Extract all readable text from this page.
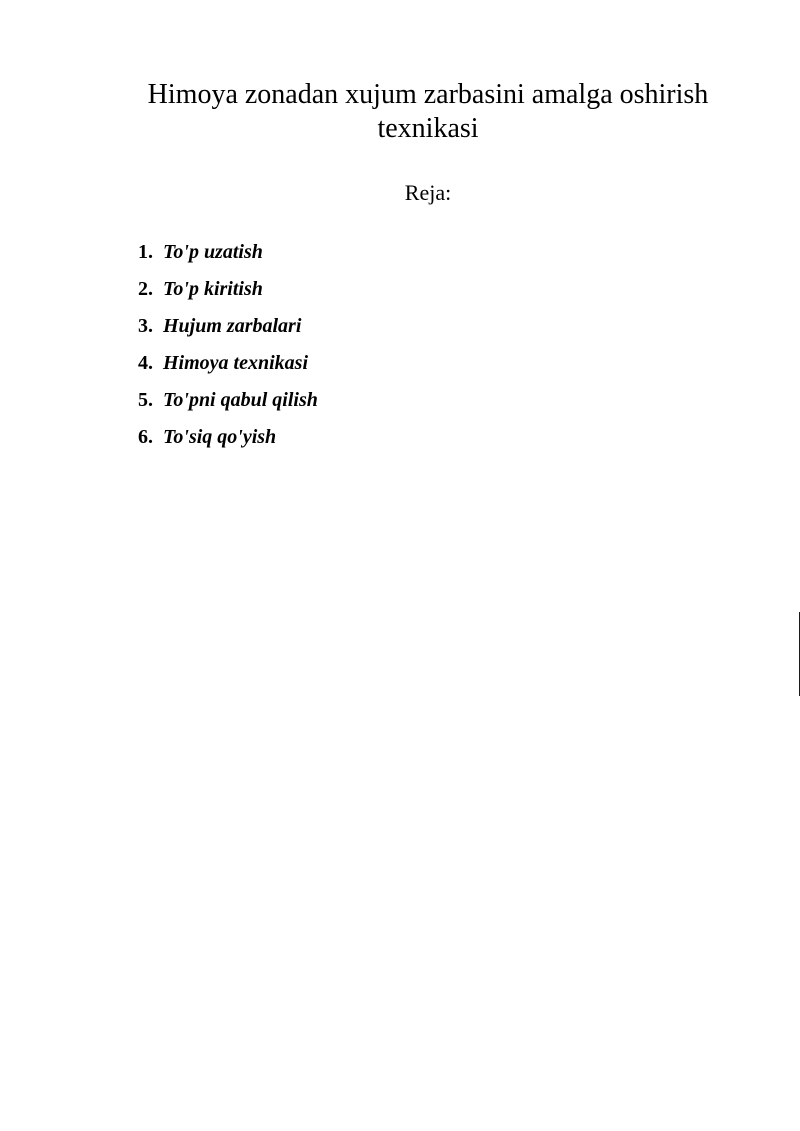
Himoya zonadan xujum zarbasini amalga oshirish texnikasi

Reja:

1. To'p uzatish
2. To'p kiritish
3. Hujum zarbalari
4. Himoya texnikasi
5. To'pni qabul qilish
6. To'siq qo'yish
